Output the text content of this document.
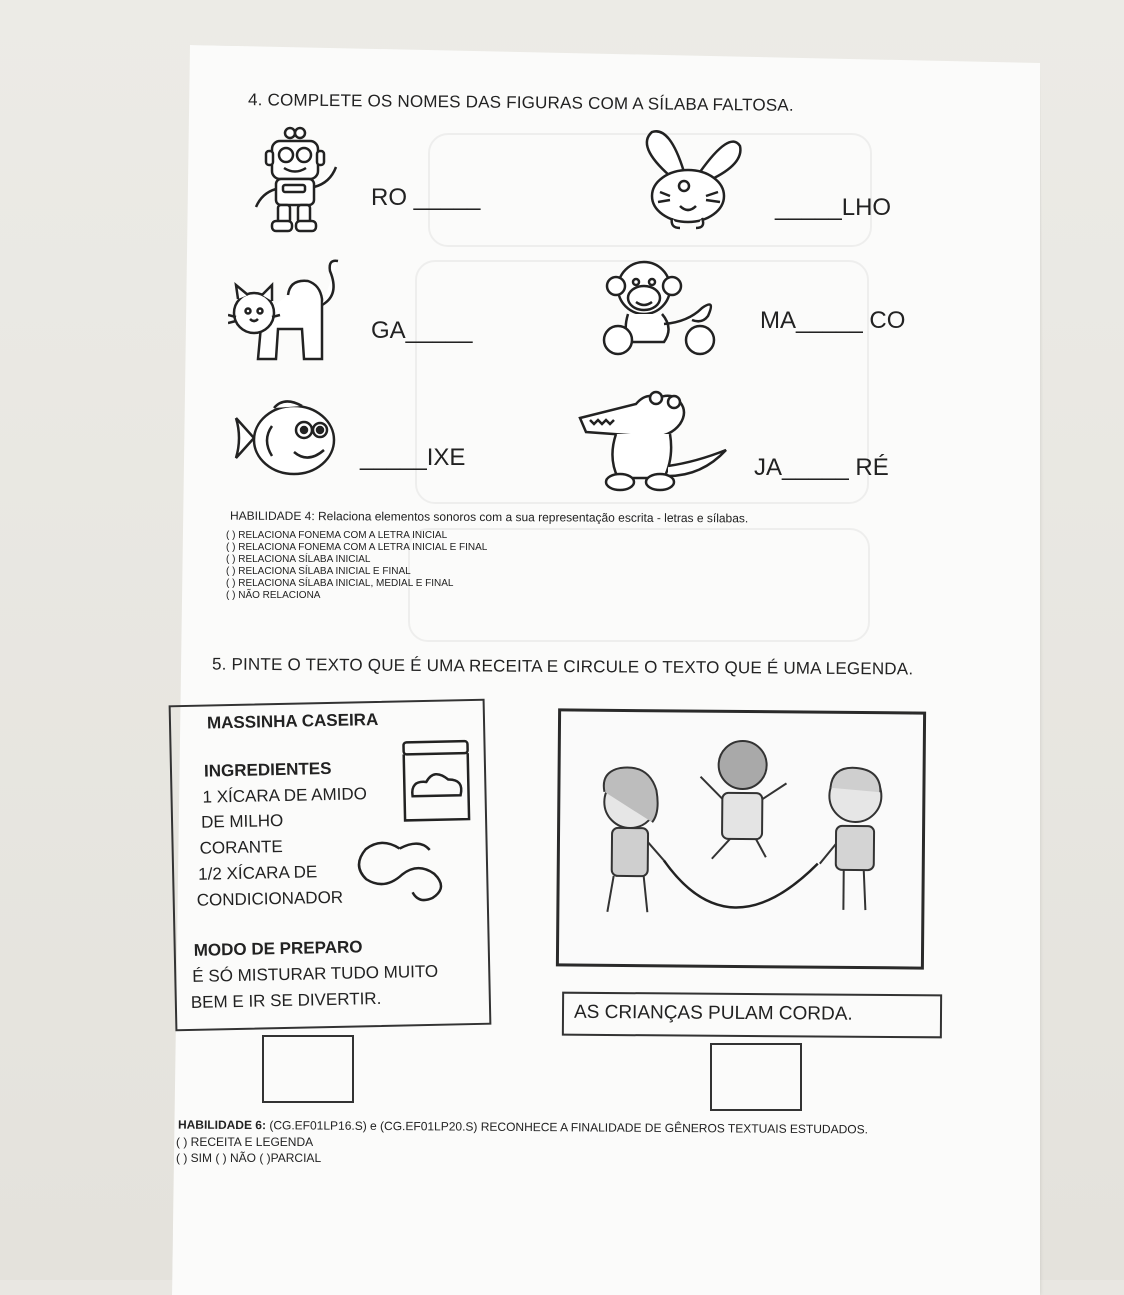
4. COMPLETE OS NOMES DAS FIGURAS COM A SÍLABA FALTOSA.
RO _____	_____LHO
GA_____	MA_____ CO
_____IXE	JA_____ RÉ
HABILIDADE 4: Relaciona elementos sonoros com a sua representação escrita - letras e sílabas.
( ) RELACIONA FONEMA COM A LETRA INICIAL
( ) RELACIONA FONEMA COM A LETRA INICIAL E FINAL
( ) RELACIONA SÍLABA INICIAL
( ) RELACIONA SÍLABA INICIAL E FINAL
( ) RELACIONA SÍLABA INICIAL, MEDIAL E FINAL
( ) NÃO RELACIONA
5. PINTE O TEXTO QUE É UMA RECEITA E CIRCULE O TEXTO QUE É UMA LEGENDA.
MASSINHA CASEIRA
INGREDIENTES
1 XÍCARA DE AMIDO
DE MILHO
CORANTE
1/2 XÍCARA DE
CONDICIONADOR
MODO DE PREPARO
É SÓ MISTURAR TUDO MUITO
BEM E IR SE DIVERTIR.
AS CRIANÇAS PULAM CORDA.
HABILIDADE 6: (CG.EF01LP16.S) e (CG.EF01LP20.S) RECONHECE A FINALIDADE DE GÊNEROS TEXTUAIS ESTUDADOS.
( ) RECEITA E LEGENDA
( ) SIM ( ) NÃO ( )PARCIAL
